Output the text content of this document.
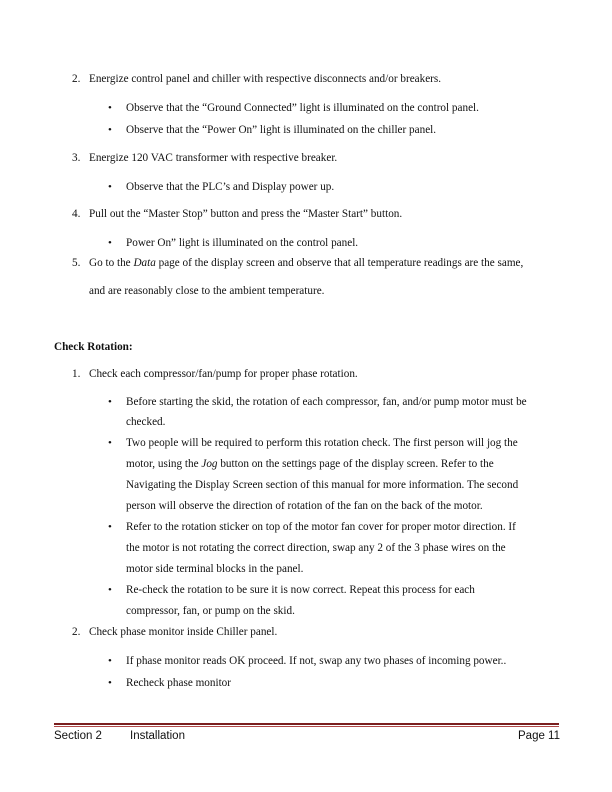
2. Energize control panel and chiller with respective disconnects and/or breakers.
• Observe that the “Ground Connected” light is illuminated on the control panel.
• Observe that the “Power On” light is illuminated on the chiller panel.
3. Energize 120 VAC transformer with respective breaker.
• Observe that the PLC’s and Display power up.
4. Pull out the “Master Stop” button and press the “Master Start” button.
• Power On” light is illuminated on the control panel.
5. Go to the Data page of the display screen and observe that all temperature readings are the same,
and are reasonably close to the ambient temperature.
Check Rotation:
1. Check each compressor/fan/pump for proper phase rotation.
• Before starting the skid, the rotation of each compressor, fan, and/or pump motor must be
checked.
• Two people will be required to perform this rotation check. The first person will jog the
motor, using the Jog button on the settings page of the display screen. Refer to the
Navigating the Display Screen section of this manual for more information. The second
person will observe the direction of rotation of the fan on the back of the motor.
• Refer to the rotation sticker on top of the motor fan cover for proper motor direction. If
the motor is not rotating the correct direction, swap any 2 of the 3 phase wires on the
motor side terminal blocks in the panel.
• Re-check the rotation to be sure it is now correct. Repeat this process for each
compressor, fan, or pump on the skid.
2. Check phase monitor inside Chiller panel.
• If phase monitor reads OK proceed. If not, swap any two phases of incoming power..
• Recheck phase monitor
Section 2 Installation	Page 11
